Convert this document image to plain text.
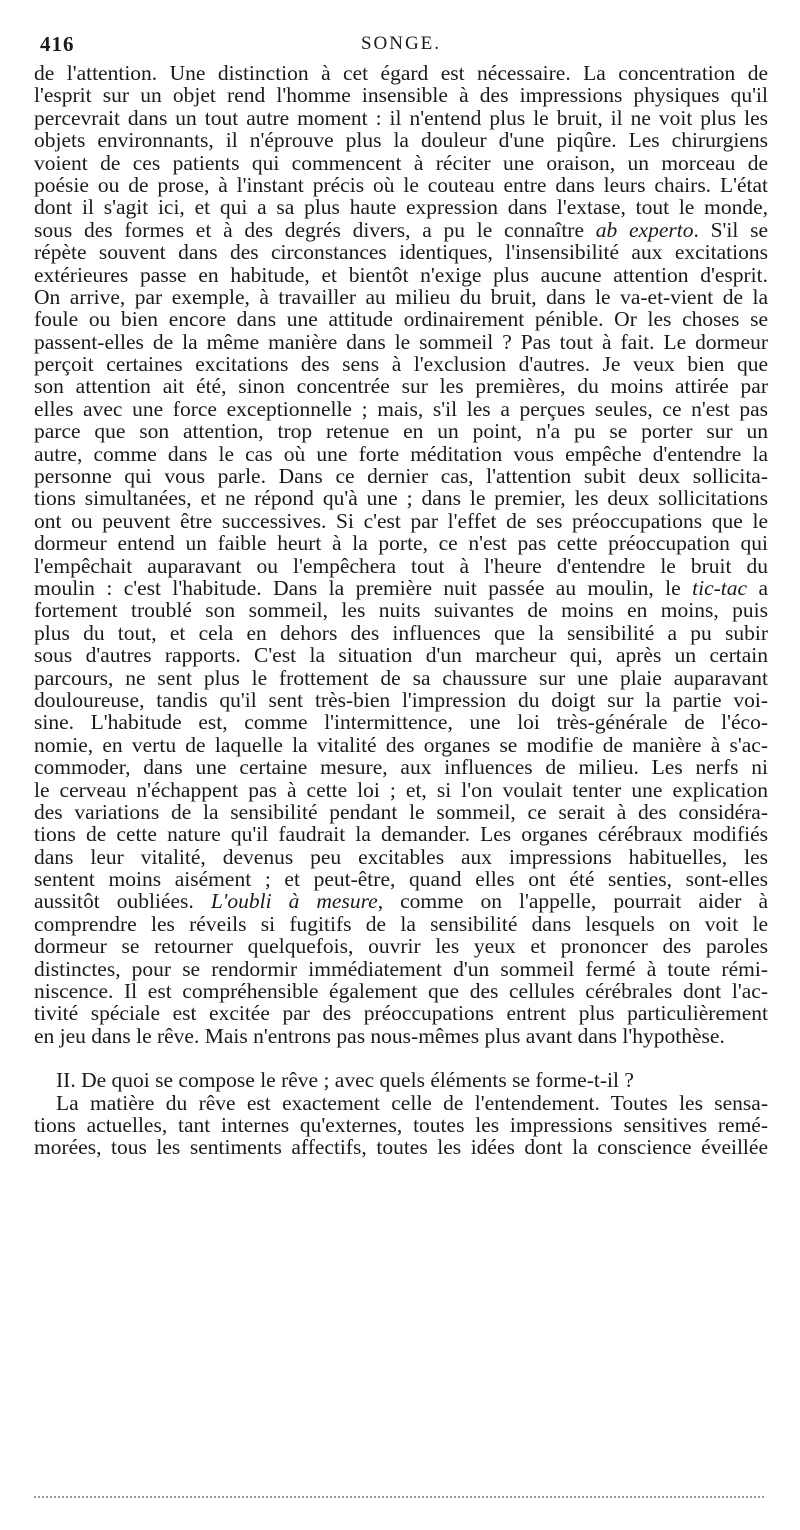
416	SONGE.
de l'attention. Une distinction à cet égard est nécessaire. La concentration de
l'esprit sur un objet rend l'homme insensible à des impressions physiques qu'il
percevrait dans un tout autre moment : il n'entend plus le bruit, il ne voit plus les
objets environnants, il n'éprouve plus la douleur d'une piqûre. Les chirurgiens
voient de ces patients qui commencent à réciter une oraison, un morceau de
poésie ou de prose, à l'instant précis où le couteau entre dans leurs chairs. L'état
dont il s'agit ici, et qui a sa plus haute expression dans l'extase, tout le monde,
sous des formes et à des degrés divers, a pu le connaître ab experto. S'il se
répète souvent dans des circonstances identiques, l'insensibilité aux excitations
extérieures passe en habitude, et bientôt n'exige plus aucune attention d'esprit.
On arrive, par exemple, à travailler au milieu du bruit, dans le va-et-vient de la
foule ou bien encore dans une attitude ordinairement pénible. Or les choses se
passent-elles de la même manière dans le sommeil ? Pas tout à fait. Le dormeur
perçoit certaines excitations des sens à l'exclusion d'autres. Je veux bien que
son attention ait été, sinon concentrée sur les premières, du moins attirée par
elles avec une force exceptionnelle ; mais, s'il les a perçues seules, ce n'est pas
parce que son attention, trop retenue en un point, n'a pu se porter sur un
autre, comme dans le cas où une forte méditation vous empêche d'entendre la
personne qui vous parle. Dans ce dernier cas, l'attention subit deux sollicita-
tions simultanées, et ne répond qu'à une ; dans le premier, les deux sollicitations
ont ou peuvent être successives. Si c'est par l'effet de ses préoccupations que le
dormeur entend un faible heurt à la porte, ce n'est pas cette préoccupation qui
l'empêchait auparavant ou l'empêchera tout à l'heure d'entendre le bruit du
moulin : c'est l'habitude. Dans la première nuit passée au moulin, le tic-tac a
fortement troublé son sommeil, les nuits suivantes de moins en moins, puis
plus du tout, et cela en dehors des influences que la sensibilité a pu subir
sous d'autres rapports. C'est la situation d'un marcheur qui, après un certain
parcours, ne sent plus le frottement de sa chaussure sur une plaie auparavant
douloureuse, tandis qu'il sent très-bien l'impression du doigt sur la partie voi-
sine. L'habitude est, comme l'intermittence, une loi très-générale de l'éco-
nomie, en vertu de laquelle la vitalité des organes se modifie de manière à s'ac-
commoder, dans une certaine mesure, aux influences de milieu. Les nerfs ni
le cerveau n'échappent pas à cette loi ; et, si l'on voulait tenter une explication
des variations de la sensibilité pendant le sommeil, ce serait à des considéra-
tions de cette nature qu'il faudrait la demander. Les organes cérébraux modifiés
dans leur vitalité, devenus peu excitables aux impressions habituelles, les
sentent moins aisément ; et peut-être, quand elles ont été senties, sont-elles
aussitôt oubliées. L'oubli à mesure, comme on l'appelle, pourrait aider à
comprendre les réveils si fugitifs de la sensibilité dans lesquels on voit le
dormeur se retourner quelquefois, ouvrir les yeux et prononcer des paroles
distinctes, pour se rendormir immédiatement d'un sommeil fermé à toute rémi-
niscence. Il est compréhensible également que des cellules cérébrales dont l'ac-
tivité spéciale est excitée par des préoccupations entrent plus particulièrement
en jeu dans le rêve. Mais n'entrons pas nous-mêmes plus avant dans l'hypothèse.
II. De quoi se compose le rêve ; avec quels éléments se forme-t-il ?
La matière du rêve est exactement celle de l'entendement. Toutes les sensa-
tions actuelles, tant internes qu'externes, toutes les impressions sensitives remé-
morées, tous les sentiments affectifs, toutes les idées dont la conscience éveillée
